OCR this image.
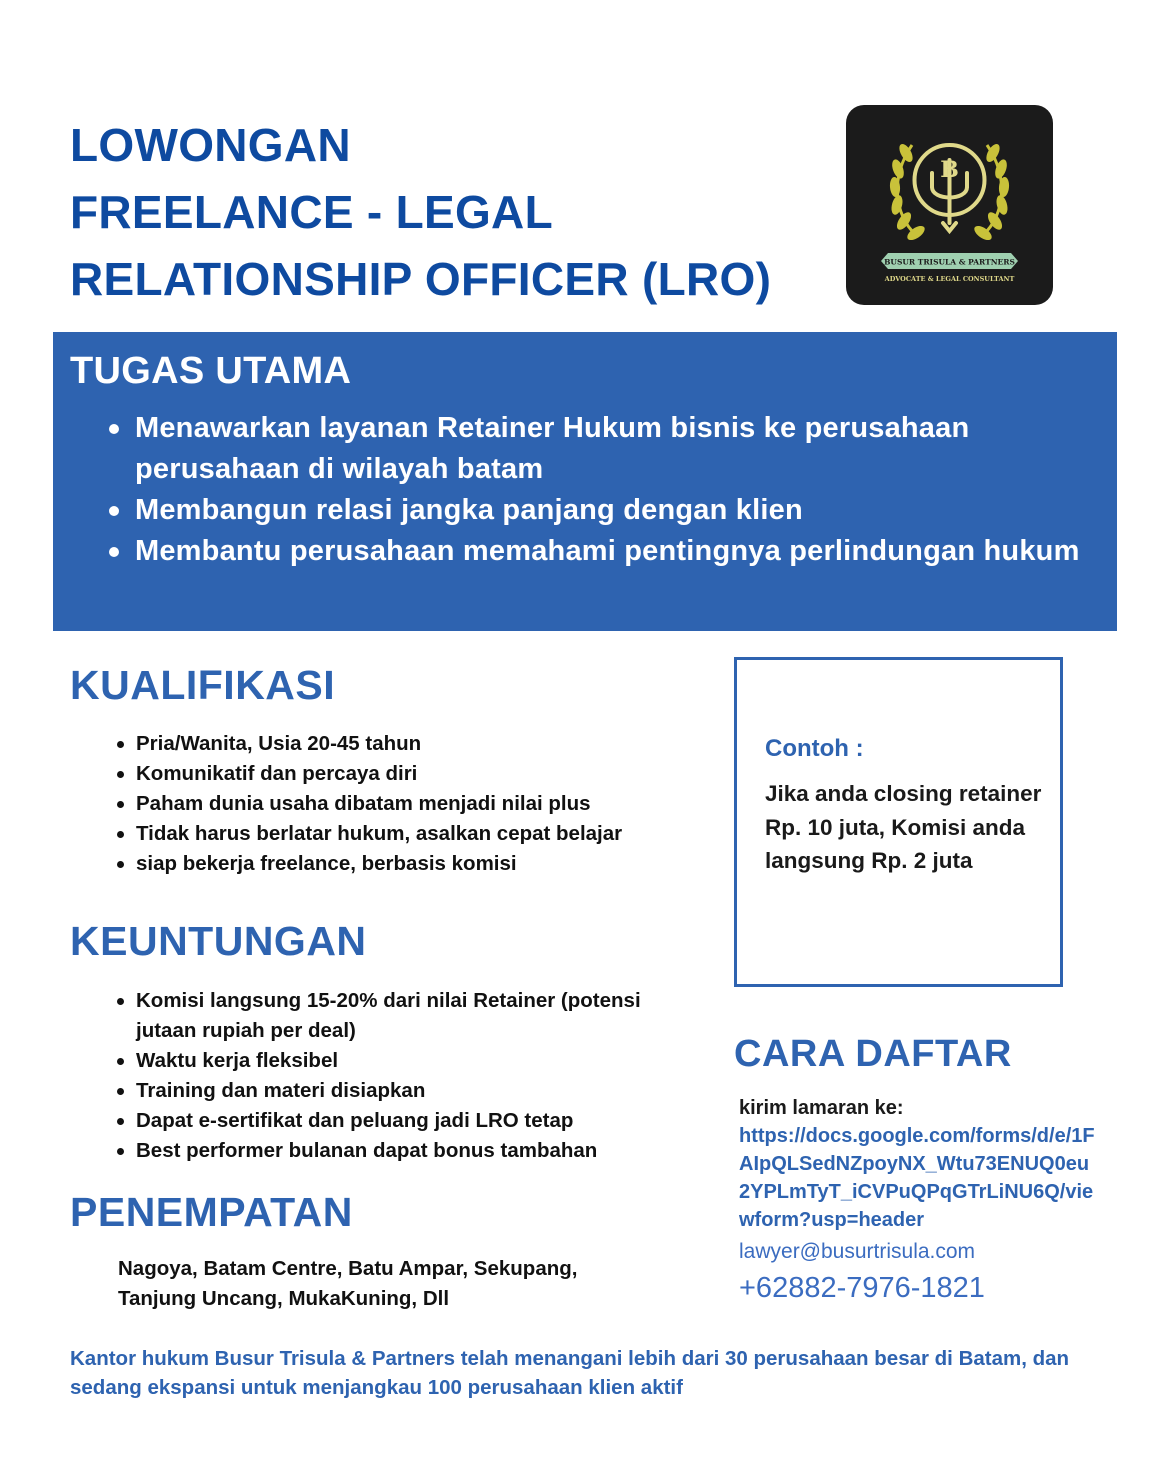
LOWONGAN
FREELANCE - LEGAL
RELATIONSHIP OFFICER (LRO)
B
BUSUR TRISULA & PARTNERS
ADVOCATE & LEGAL CONSULTANT
TUGAS UTAMA
Menawarkan layanan Retainer Hukum bisnis ke perusahaan perusahaan di wilayah batam
Membangun relasi jangka panjang dengan klien
Membantu perusahaan memahami pentingnya perlindungan hukum
KUALIFIKASI
Pria/Wanita, Usia 20-45 tahun
Komunikatif dan percaya diri
Paham dunia usaha dibatam menjadi nilai plus
Tidak harus berlatar hukum, asalkan cepat belajar
siap bekerja freelance, berbasis komisi
KEUNTUNGAN
Komisi langsung 15-20% dari nilai Retainer (potensi jutaan rupiah per deal)
Waktu kerja fleksibel
Training dan materi disiapkan
Dapat e-sertifikat dan peluang jadi LRO tetap
Best performer bulanan dapat bonus tambahan
PENEMPATAN
Nagoya, Batam Centre, Batu Ampar, Sekupang, Tanjung Uncang, MukaKuning, Dll
Contoh :
Jika anda closing retainer Rp. 10 juta, Komisi anda langsung Rp. 2 juta
CARA DAFTAR
kirim lamaran ke:
https://docs.google.com/forms/d/e/1FAIpQLSedNZpoyNX_Wtu73ENUQ0eu2YPLmTyT_iCVPuQPqGTrLiNU6Q/viewform?usp=header
lawyer@busurtrisula.com
+62882-7976-1821
Kantor hukum Busur Trisula & Partners telah menangani lebih dari 30 perusahaan besar di Batam, dan sedang ekspansi untuk menjangkau 100 perusahaan klien aktif
